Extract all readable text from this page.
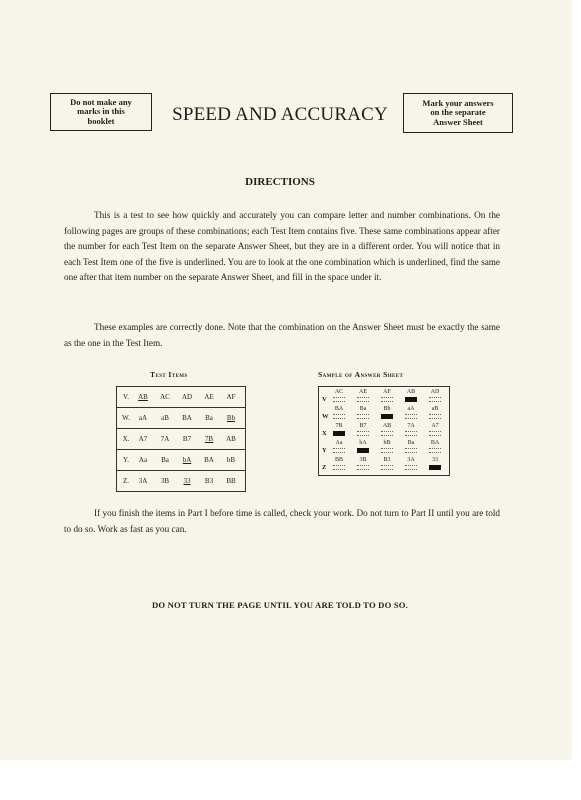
Do not make any
marks in this
booklet	SPEED AND ACCURACY
Mark your answers
on the separate
Answer Sheet
DIRECTIONS
This is a test to see how quickly and accurately you can compare letter and number combinations. On the following pages are groups of these combinations; each Test Item contains five. These same combinations appear after the number for each Test Item on the separate Answer Sheet, but they are in a different order. You will notice that in each Test Item one of the five is underlined. You are to look at the one combination which is underlined, find the same one after that item number on the separate Answer Sheet, and fill in the space under it.
These examples are correctly done. Note that the combination on the Answer Sheet must be exactly the same as the one in the Test Item.
Test Items	Sample of Answer Sheet
V. AB AC AD AE AF
W. aA aB BA Ba Bb
X. A7 7A B7 7B AB
Y. Aa Ba bA BA bB
Z. 3A 3B 33 B3 BB
V
AC	AE	AF	AB	AD
W
BA	Ba	Bb	aA	aB
X
7B	B7	AB	7A	A7
Y
Aa	bA	bB	Ba	BA
Z
BB	3B	B3	3A	33
If you finish the items in Part I before time is called, check your work. Do not turn to Part II until you are told to do so. Work as fast as you can.
DO NOT TURN THE PAGE UNTIL YOU ARE TOLD TO DO SO.
